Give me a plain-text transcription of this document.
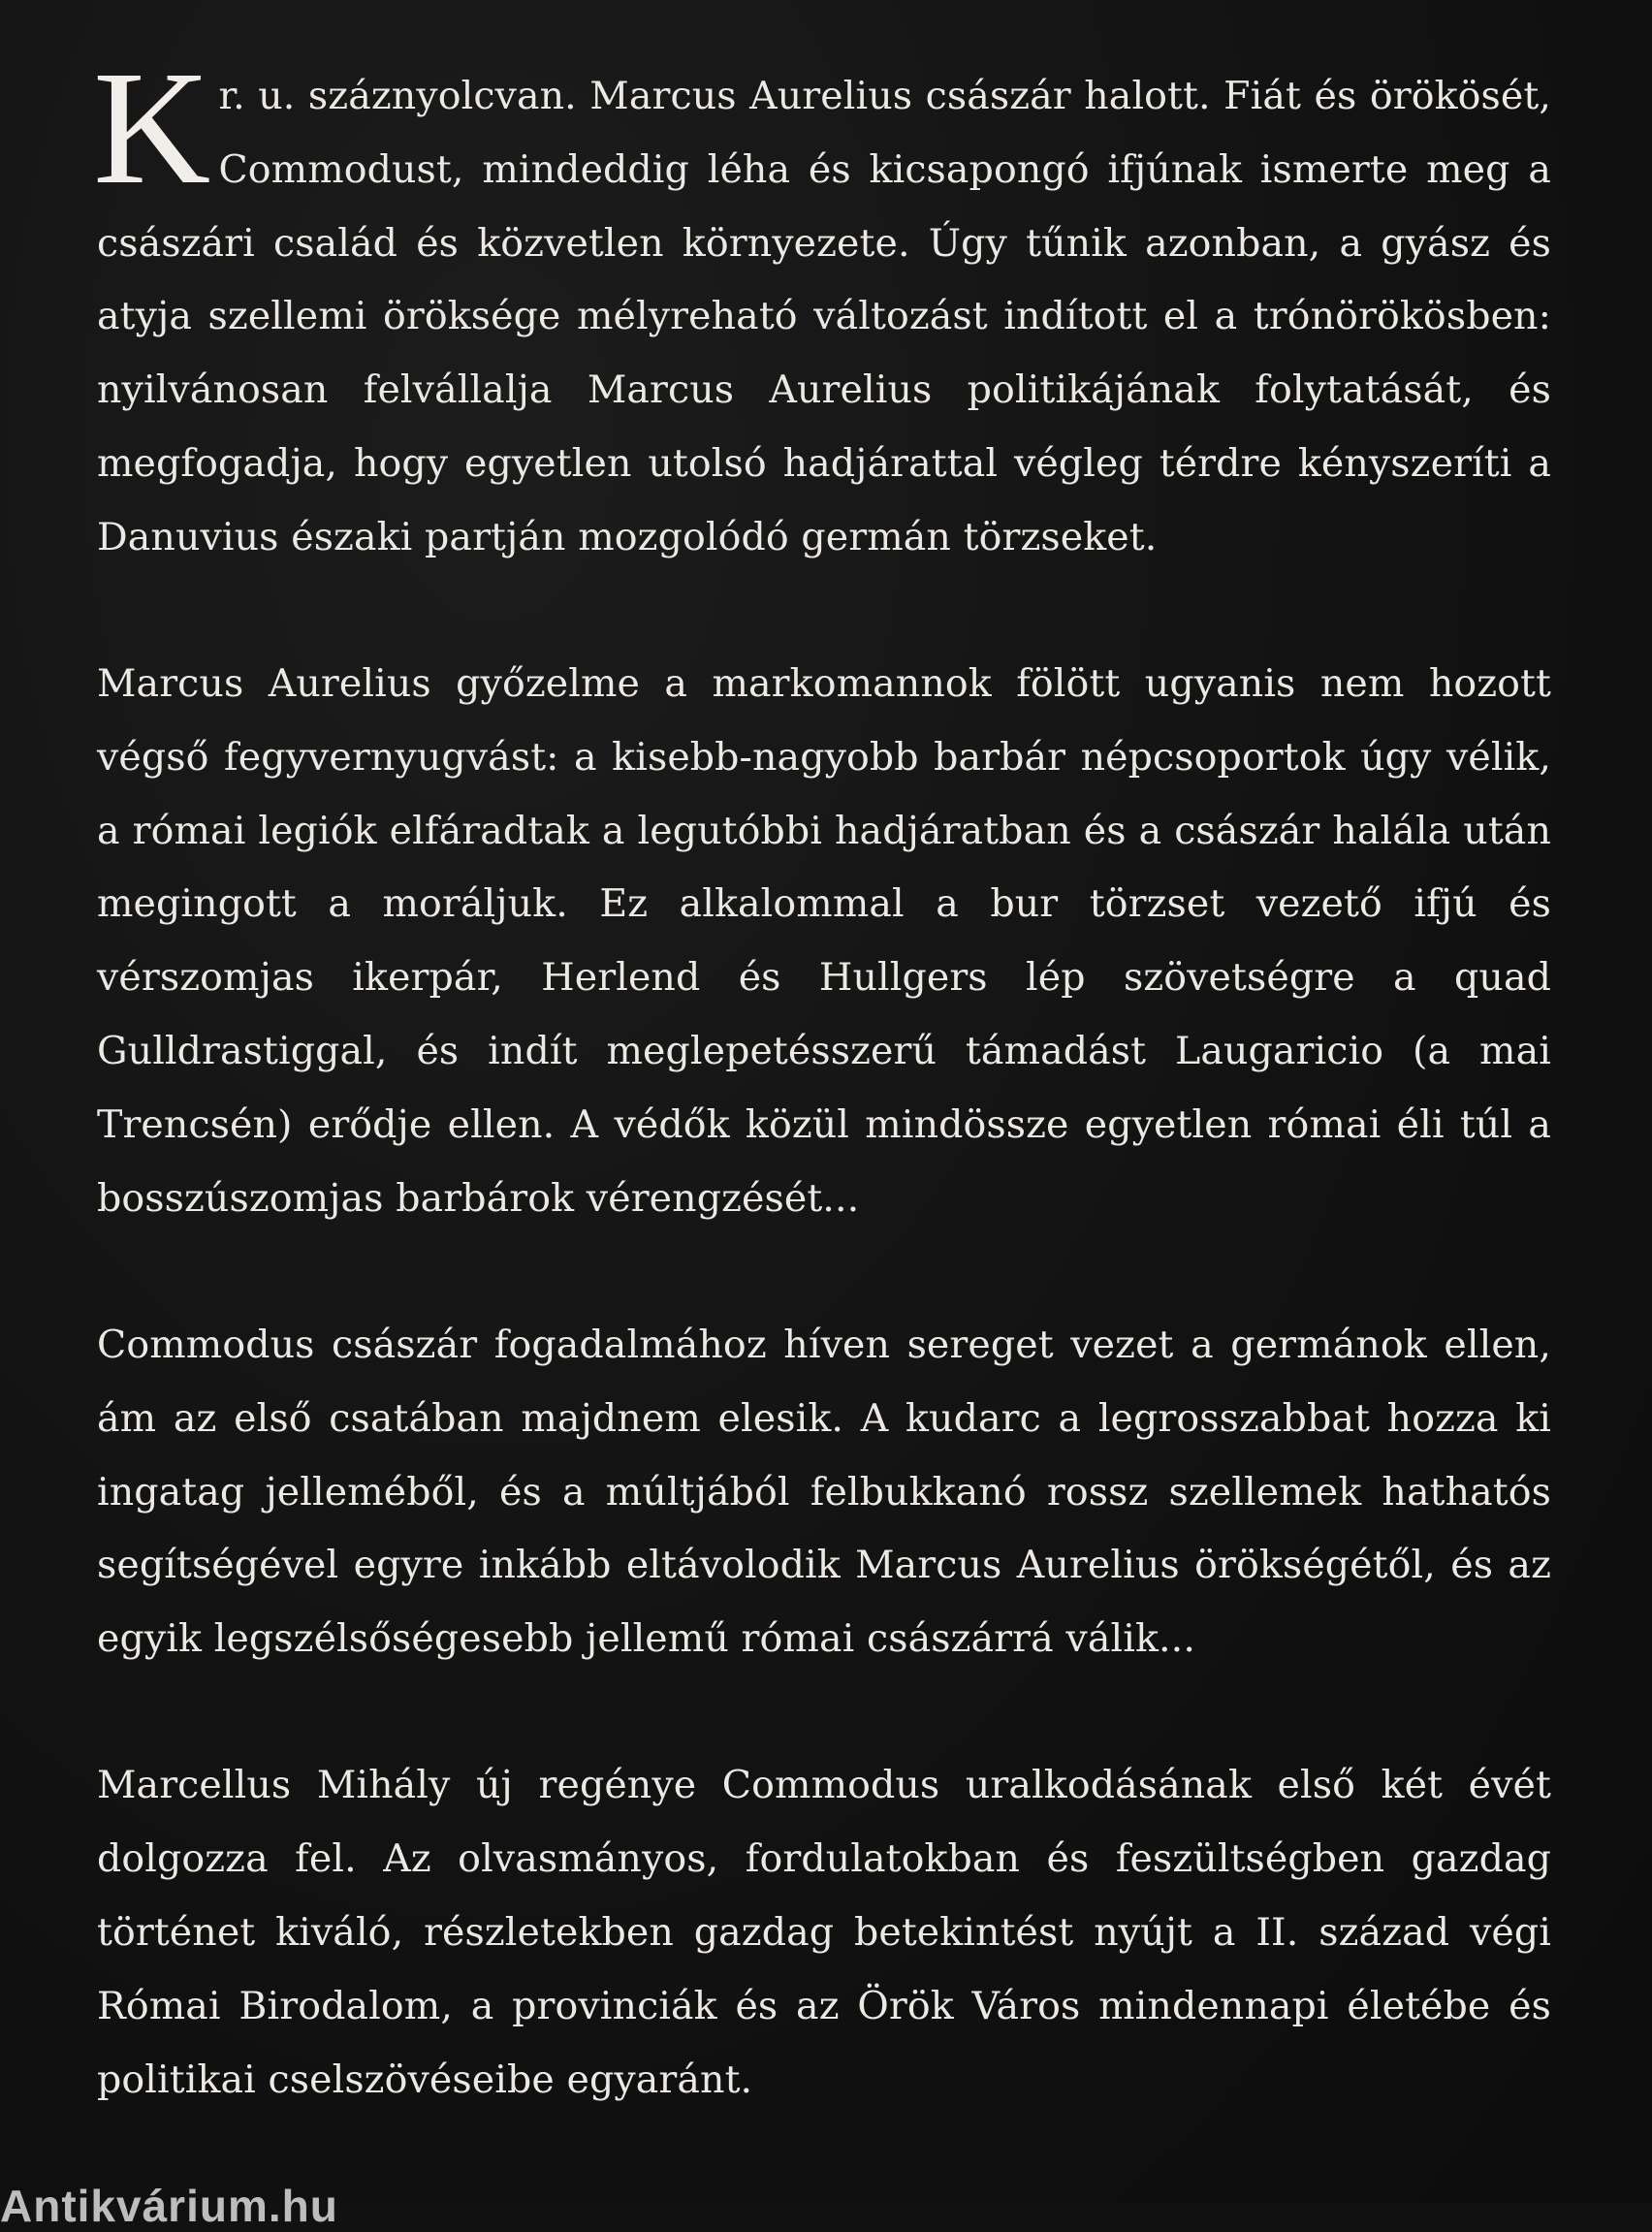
Kr. u. száznyolcvan. Marcus Aurelius császár halott. Fiát és örökösét, Commodust, mindeddig léha és kicsapongó ifjúnak ismerte meg a császári család és közvetlen környezete. Úgy tűnik azonban, a gyász és atyja szellemi öröksége mélyreható változást indított el a trónörökösben: nyilvánosan felvállalja Marcus Aurelius politikájának folytatását, és megfogadja, hogy egyetlen utolsó hadjárattal végleg térdre kényszeríti a Danuvius északi partján mozgolódó germán törzseket.

Marcus Aurelius győzelme a markomannok fölött ugyanis nem hozott végső fegyvernyugvást: a kisebb-nagyobb barbár népcsoportok úgy vélik, a római legiók elfáradtak a legutóbbi hadjáratban és a császár halála után megingott a moráljuk. Ez alkalommal a bur törzset vezető ifjú és vérszomjas ikerpár, Herlend és Hullgers lép szövetségre a quad Gulldrastiggal, és indít meglepetésszerű támadást Laugaricio (a mai Trencsén) erődje ellen. A védők közül mindössze egyetlen római éli túl a bosszúszomjas barbárok vérengzését...

Commodus császár fogadalmához híven sereget vezet a germánok ellen, ám az első csatában majdnem elesik. A kudarc a legrosszabbat hozza ki ingatag jelleméből, és a múltjából felbukkanó rossz szellemek hathatós segítségével egyre inkább eltávolodik Marcus Aurelius örökségétől, és az egyik legszélsőségesebb jellemű római császárrá válik...

Marcellus Mihály új regénye Commodus uralkodásának első két évét dolgozza fel. Az olvasmányos, fordulatokban és feszültségben gazdag történet kiváló, részletekben gazdag betekintést nyújt a II. század végi Római Birodalom, a provinciák és az Örök Város mindennapi életébe és politikai cselszövéseibe egyaránt.

Antikvárium.hu
